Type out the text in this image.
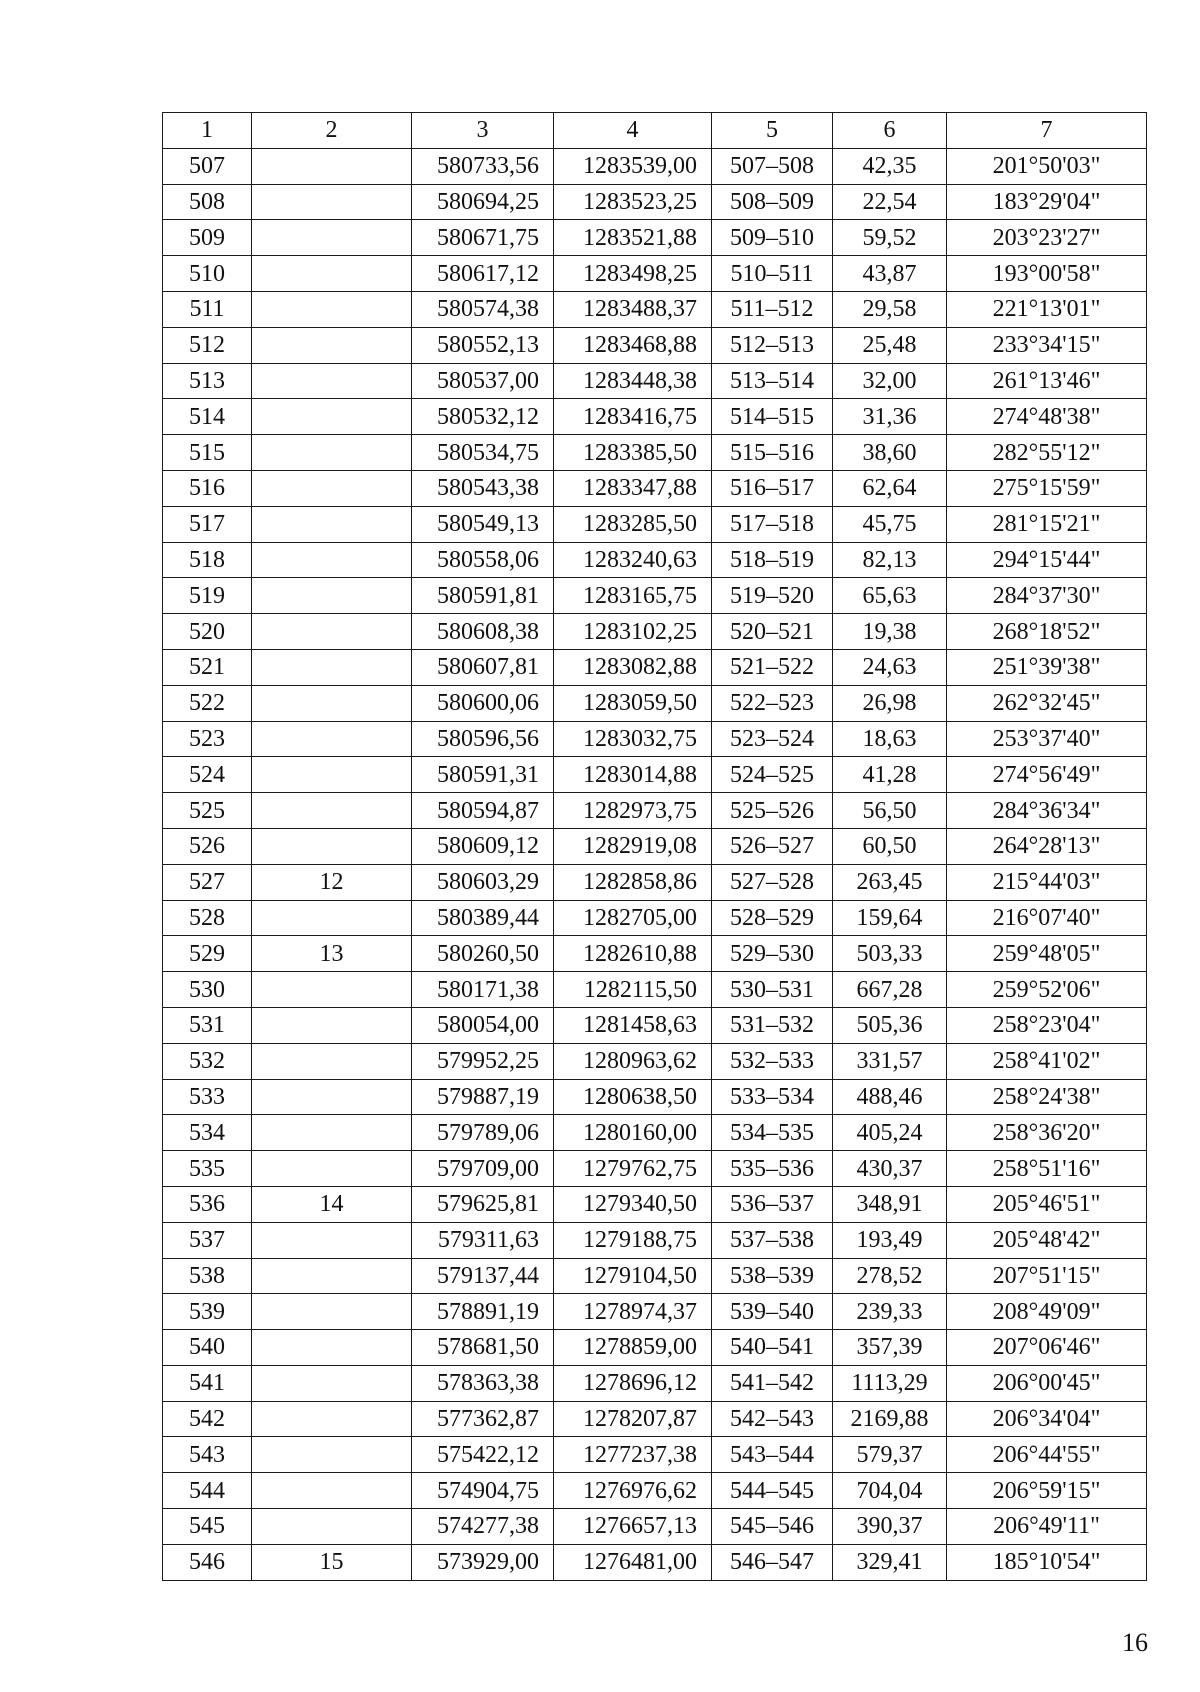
1	2	3	4	5	6	7
507		580733,56	1283539,00	507–508	42,35	201°50'03"
508		580694,25	1283523,25	508–509	22,54	183°29'04"
509		580671,75	1283521,88	509–510	59,52	203°23'27"
510		580617,12	1283498,25	510–511	43,87	193°00'58"
511		580574,38	1283488,37	511–512	29,58	221°13'01"
512		580552,13	1283468,88	512–513	25,48	233°34'15"
513		580537,00	1283448,38	513–514	32,00	261°13'46"
514		580532,12	1283416,75	514–515	31,36	274°48'38"
515		580534,75	1283385,50	515–516	38,60	282°55'12"
516		580543,38	1283347,88	516–517	62,64	275°15'59"
517		580549,13	1283285,50	517–518	45,75	281°15'21"
518		580558,06	1283240,63	518–519	82,13	294°15'44"
519		580591,81	1283165,75	519–520	65,63	284°37'30"
520		580608,38	1283102,25	520–521	19,38	268°18'52"
521		580607,81	1283082,88	521–522	24,63	251°39'38"
522		580600,06	1283059,50	522–523	26,98	262°32'45"
523		580596,56	1283032,75	523–524	18,63	253°37'40"
524		580591,31	1283014,88	524–525	41,28	274°56'49"
525		580594,87	1282973,75	525–526	56,50	284°36'34"
526		580609,12	1282919,08	526–527	60,50	264°28'13"
527	12	580603,29	1282858,86	527–528	263,45	215°44'03"
528		580389,44	1282705,00	528–529	159,64	216°07'40"
529	13	580260,50	1282610,88	529–530	503,33	259°48'05"
530		580171,38	1282115,50	530–531	667,28	259°52'06"
531		580054,00	1281458,63	531–532	505,36	258°23'04"
532		579952,25	1280963,62	532–533	331,57	258°41'02"
533		579887,19	1280638,50	533–534	488,46	258°24'38"
534		579789,06	1280160,00	534–535	405,24	258°36'20"
535		579709,00	1279762,75	535–536	430,37	258°51'16"
536	14	579625,81	1279340,50	536–537	348,91	205°46'51"
537		579311,63	1279188,75	537–538	193,49	205°48'42"
538		579137,44	1279104,50	538–539	278,52	207°51'15"
539		578891,19	1278974,37	539–540	239,33	208°49'09"
540		578681,50	1278859,00	540–541	357,39	207°06'46"
541		578363,38	1278696,12	541–542	1113,29	206°00'45"
542		577362,87	1278207,87	542–543	2169,88	206°34'04"
543		575422,12	1277237,38	543–544	579,37	206°44'55"
544		574904,75	1276976,62	544–545	704,04	206°59'15"
545		574277,38	1276657,13	545–546	390,37	206°49'11"
546	15	573929,00	1276481,00	546–547	329,41	185°10'54"
16
